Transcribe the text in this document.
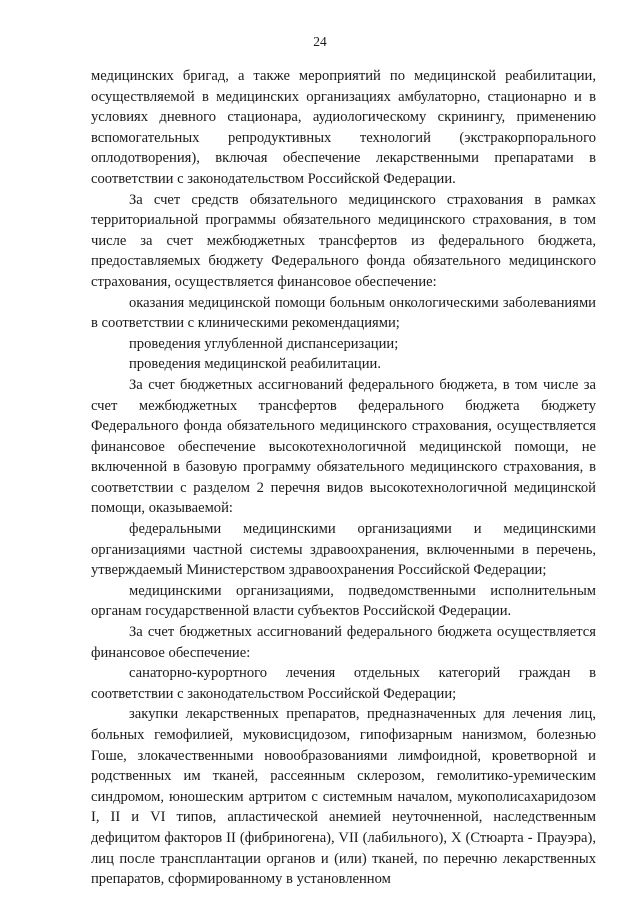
24

медицинских бригад, а также мероприятий по медицинской реабилитации, осуществляемой в медицинских организациях амбулаторно, стационарно и в условиях дневного стационара, аудиологическому скринингу, применению вспомогательных репродуктивных технологий (экстракорпорального оплодотворения), включая обеспечение лекарственными препаратами в соответствии с законодательством Российской Федерации.

За счет средств обязательного медицинского страхования в рамках территориальной программы обязательного медицинского страхования, в том числе за счет межбюджетных трансфертов из федерального бюджета, предоставляемых бюджету Федерального фонда обязательного медицинского страхования, осуществляется финансовое обеспечение:

оказания медицинской помощи больным онкологическими заболеваниями в соответствии с клиническими рекомендациями;

проведения углубленной диспансеризации;

проведения медицинской реабилитации.

За счет бюджетных ассигнований федерального бюджета, в том числе за счет межбюджетных трансфертов федерального бюджета бюджету Федерального фонда обязательного медицинского страхования, осуществляется финансовое обеспечение высокотехнологичной медицинской помощи, не включенной в базовую программу обязательного медицинского страхования, в соответствии с разделом 2 перечня видов высокотехнологичной медицинской помощи, оказываемой:

федеральными медицинскими организациями и медицинскими организациями частной системы здравоохранения, включенными в перечень, утверждаемый Министерством здравоохранения Российской Федерации;

медицинскими организациями, подведомственными исполнительным органам государственной власти субъектов Российской Федерации.

За счет бюджетных ассигнований федерального бюджета осуществляется финансовое обеспечение:

санаторно-курортного лечения отдельных категорий граждан в соответствии с законодательством Российской Федерации;

закупки лекарственных препаратов, предназначенных для лечения лиц, больных гемофилией, муковисцидозом, гипофизарным нанизмом, болезнью Гоше, злокачественными новообразованиями лимфоидной, кроветворной и родственных им тканей, рассеянным склерозом, гемолитико-уремическим синдромом, юношеским артритом с системным началом, мукополисахаридозом I, II и VI типов, апластической анемией неуточненной, наследственным дефицитом факторов II (фибриногена), VII (лабильного), X (Стюарта - Прауэра), лиц после трансплантации органов и (или) тканей, по перечню лекарственных препаратов, сформированному в установленном
